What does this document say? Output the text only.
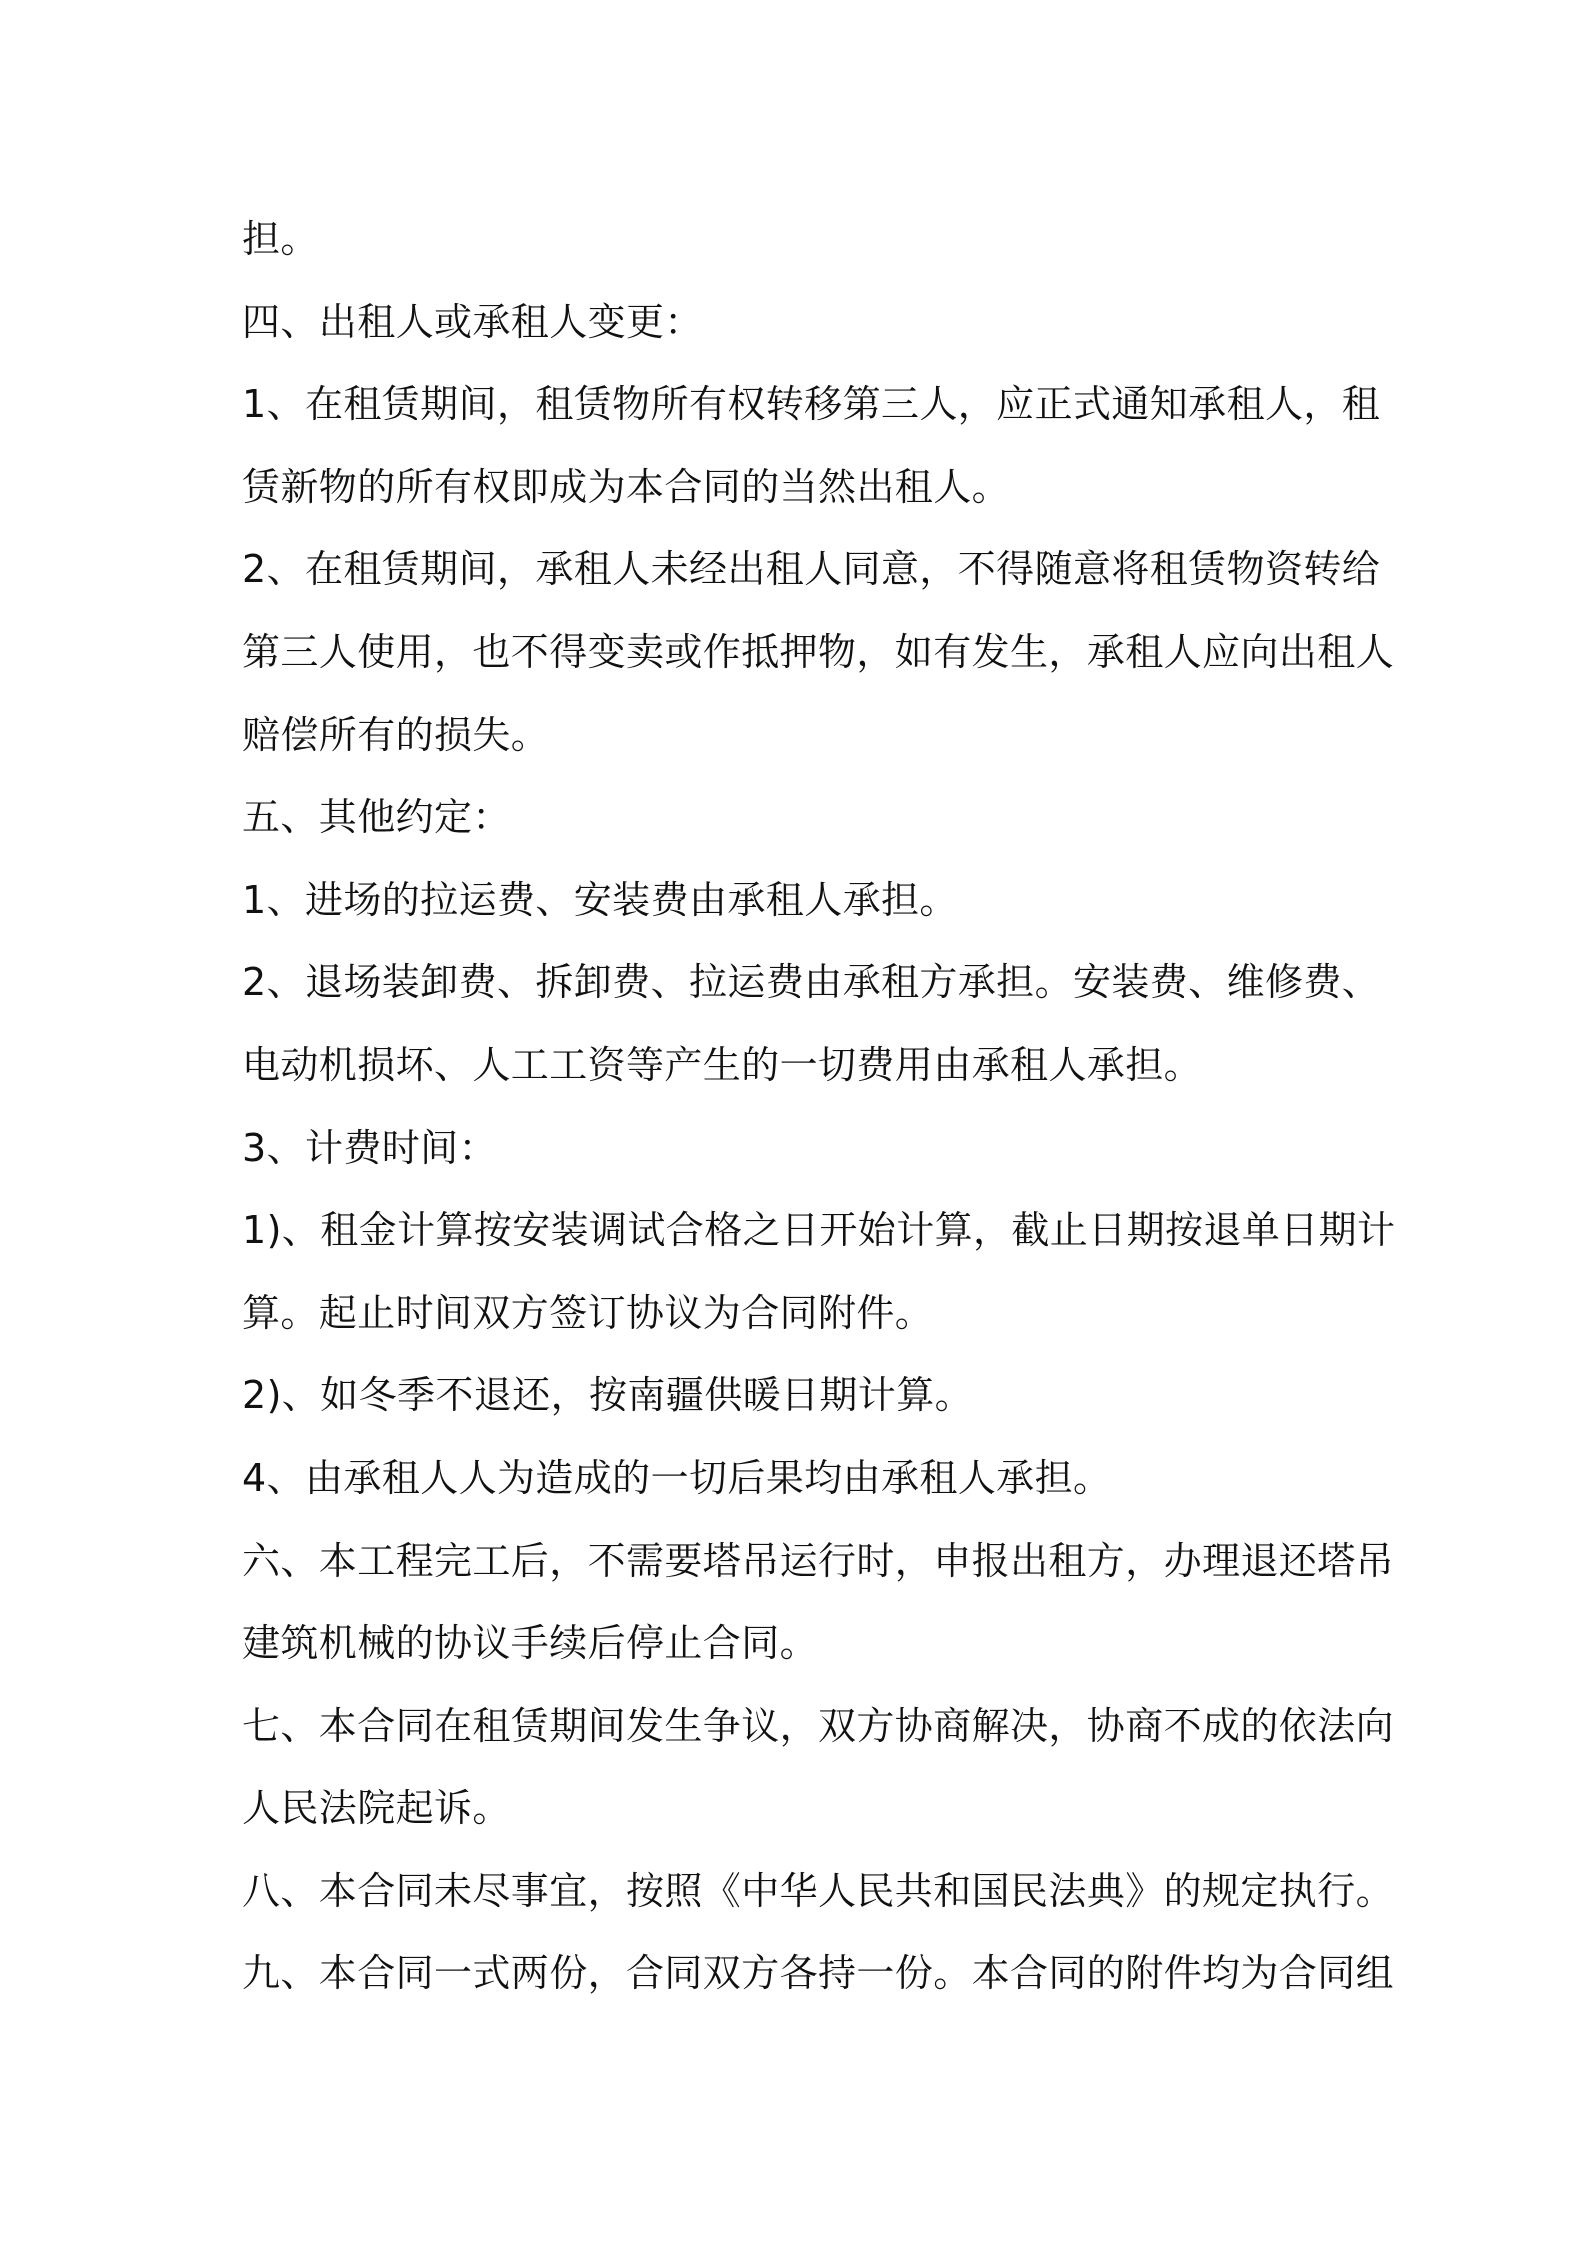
担。
四、出租人或承租人变更：
1、在租赁期间，租赁物所有权转移第三人，应正式通知承租人，租
赁新物的所有权即成为本合同的当然出租人。
2、在租赁期间，承租人未经出租人同意，不得随意将租赁物资转给
第三人使用，也不得变卖或作抵押物，如有发生，承租人应向出租人
赔偿所有的损失。
五、其他约定：
1、进场的拉运费、安装费由承租人承担。
2、退场装卸费、拆卸费、拉运费由承租方承担。安装费、维修费、
电动机损坏、人工工资等产生的一切费用由承租人承担。
3、计费时间：
1)、租金计算按安装调试合格之日开始计算，截止日期按退单日期计
算。起止时间双方签订协议为合同附件。
2)、如冬季不退还，按南疆供暖日期计算。
4、由承租人人为造成的一切后果均由承租人承担。
六、本工程完工后，不需要塔吊运行时，申报出租方，办理退还塔吊
建筑机械的协议手续后停止合同。
七、本合同在租赁期间发生争议，双方协商解决，协商不成的依法向
人民法院起诉。
八、本合同未尽事宜，按照《中华人民共和国民法典》的规定执行。
九、本合同一式两份，合同双方各持一份。本合同的附件均为合同组
